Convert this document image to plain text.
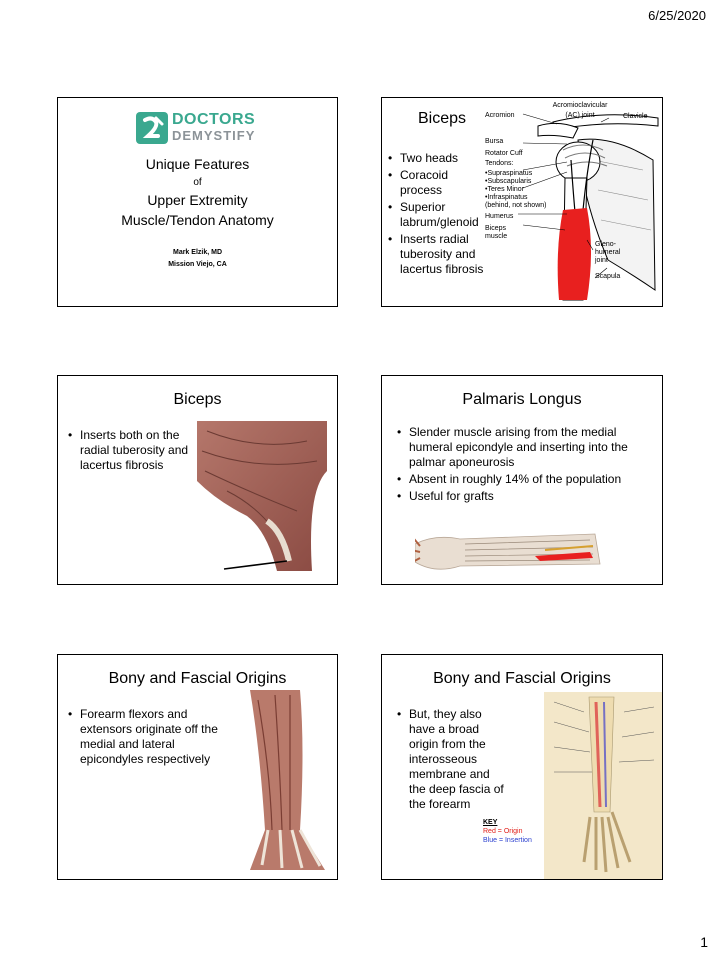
6/25/2020
DOCTORS
DEMYSTIFY
Unique Features
of
Upper Extremity
Muscle/Tendon Anatomy
Mark Elzik, MD
Mission Viejo, CA
Biceps
• Two heads
• Coracoid process
• Superior labrum/glenoid
• Inserts radial tuberosity and lacertus fibrosis
Acromioclavicular (AC) joint	Clavicle
Acromion
Bursa
Rotator Cuff Tendons:
•Supraspinatus
•Subscapularis
•Teres Minor
•Infraspinatus
(behind, not shown)
Humerus
Biceps
muscle
Gleno-
humeral
joint
Scapula
Biceps
• Inserts both on the radial tuberosity and lacertus fibrosis
Palmaris Longus
• Slender muscle arising from the medial humeral epicondyle and inserting into the palmar aponeurosis
• Absent in roughly 14% of the population
• Useful for grafts
Bony and Fascial Origins
• Forearm flexors and extensors originate off the medial and lateral epicondyles respectively
Bony and Fascial Origins
• But, they also have a broad origin from the interosseous membrane and the deep fascia of the forearm
KEY
Red = Origin
Blue = Insertion
1
